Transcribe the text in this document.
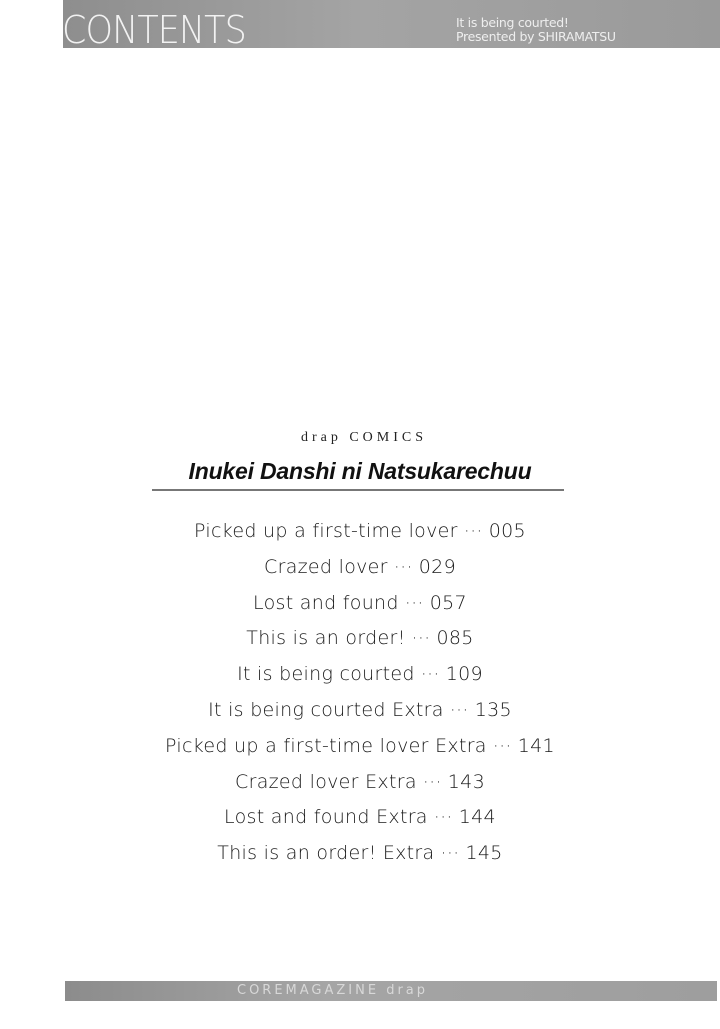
CONTENTS	It is being courted!
Presented by SHIRAMATSU
drap COMICS
Inukei Danshi ni Natsukarechuu
Picked up a first-time lover ··· 005
Crazed lover ··· 029
Lost and found ··· 057
This is an order! ··· 085
It is being courted ··· 109
It is being courted Extra ··· 135
Picked up a first-time lover Extra ··· 141
Crazed lover Extra ··· 143
Lost and found Extra ··· 144
This is an order! Extra ··· 145
COREMAGAZINE drap
